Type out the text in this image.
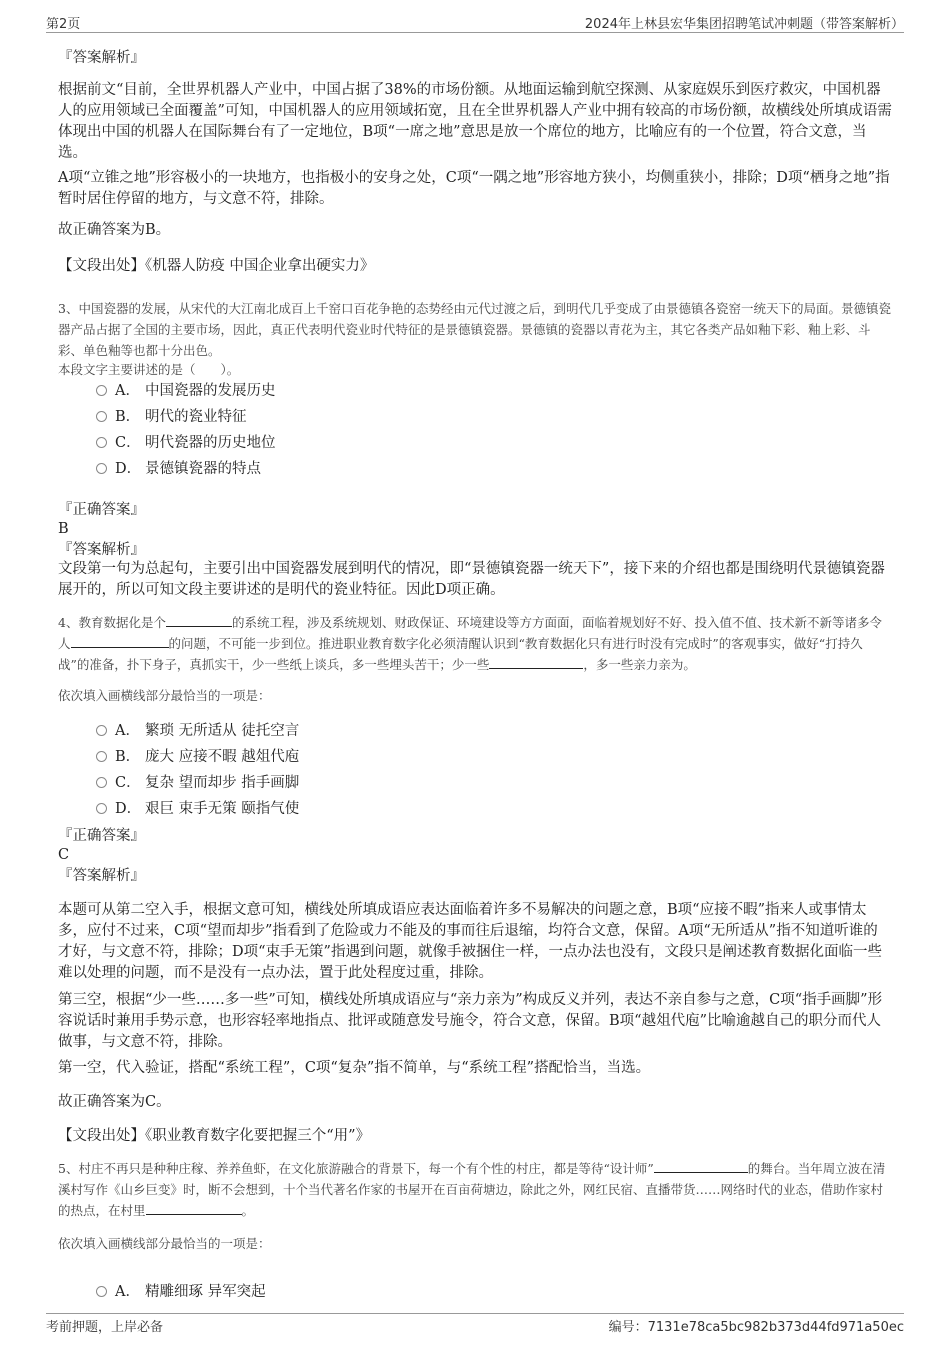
第2页	2024年上林县宏华集团招聘笔试冲刺题（带答案解析）
『答案解析』

根据前文“目前，全世界机器人产业中，中国占据了38%的市场份额。从地面运输到航空探测、从家庭娱乐到医疗救灾，中国机器人的应用领域已全面覆盖”可知，中国机器人的应用领域拓宽，且在全世界机器人产业中拥有较高的市场份额，故横线处所填成语需体现出中国的机器人在国际舞台有了一定地位，B项“一席之地”意思是放一个席位的地方，比喻应有的一个位置，符合文意，当选。

A项“立锥之地”形容极小的一块地方，也指极小的安身之处，C项“一隅之地”形容地方狭小，均侧重狭小，排除；D项“栖身之地”指暂时居住停留的地方，与文意不符，排除。

故正确答案为B。

【文段出处】《机器人防疫 中国企业拿出硬实力》

3、中国瓷器的发展，从宋代的大江南北成百上千窑口百花争艳的态势经由元代过渡之后，到明代几乎变成了由景德镇各瓷窑一统天下的局面。景德镇瓷器产品占据了全国的主要市场，因此，真正代表明代瓷业时代特征的是景德镇瓷器。景德镇的瓷器以青花为主，其它各类产品如釉下彩、釉上彩、斗彩、单色釉等也都十分出色。

本段文字主要讲述的是（　　）。

A． 中国瓷器的发展历史
B． 明代的瓷业特征
C． 明代瓷器的历史地位
D． 景德镇瓷器的特点
『正确答案』
B
『答案解析』

文段第一句为总起句，主要引出中国瓷器发展到明代的情况，即“景德镇瓷器一统天下”，接下来的介绍也都是围绕明代景德镇瓷器展开的，所以可知文段主要讲述的是明代的瓷业特征。因此D项正确。

4、教育数据化是个	的系统工程，涉及系统规划、财政保证、环境建设等方方面面，面临着规划好不好、投入值不值、技术新不新等诸多令人	的问题，不可能一步到位。推进职业教育数字化必须清醒认识到“教育数据化只有进行时没有完成时”的客观事实，做好“打持久战”的准备，扑下身子，真抓实干，少一些纸上谈兵，多一些埋头苦干；少一些	，多一些亲力亲为。

依次填入画横线部分最恰当的一项是：

A． 繁琐 无所适从 徒托空言
B． 庞大 应接不暇 越俎代庖
C． 复杂 望而却步 指手画脚
D． 艰巨 束手无策 颐指气使
『正确答案』
C
『答案解析』

本题可从第二空入手，根据文意可知，横线处所填成语应表达面临着许多不易解决的问题之意，B项“应接不暇”指来人或事情太多，应付不过来，C项“望而却步”指看到了危险或力不能及的事而往后退缩，均符合文意，保留。A项“无所适从”指不知道听谁的才好，与文意不符，排除；D项“束手无策”指遇到问题，就像手被捆住一样，一点办法也没有，文段只是阐述教育数据化面临一些难以处理的问题，而不是没有一点办法，置于此处程度过重，排除。

第三空，根据“少一些……多一些”可知，横线处所填成语应与“亲力亲为”构成反义并列，表达不亲自参与之意，C项“指手画脚”形容说话时兼用手势示意，也形容轻率地指点、批评或随意发号施令，符合文意，保留。B项“越俎代庖”比喻逾越自己的职分而代人做事，与文意不符，排除。

第一空，代入验证，搭配“系统工程”，C项“复杂”指不简单，与“系统工程”搭配恰当，当选。

故正确答案为C。

【文段出处】《职业教育数字化要把握三个“用”》

5、村庄不再只是种种庄稼、养养鱼虾，在文化旅游融合的背景下，每一个有个性的村庄，都是等待“设计师”	的舞台。当年周立波在清溪村写作《山乡巨变》时，断不会想到，十个当代著名作家的书屋开在百亩荷塘边，除此之外，网红民宿、直播带货……网络时代的业态，借助作家村的热点，在村里	。

依次填入画横线部分最恰当的一项是：

A． 精雕细琢 异军突起
考前押题，上岸必备	编号：7131e78ca5bc982b373d44fd971a50ec
